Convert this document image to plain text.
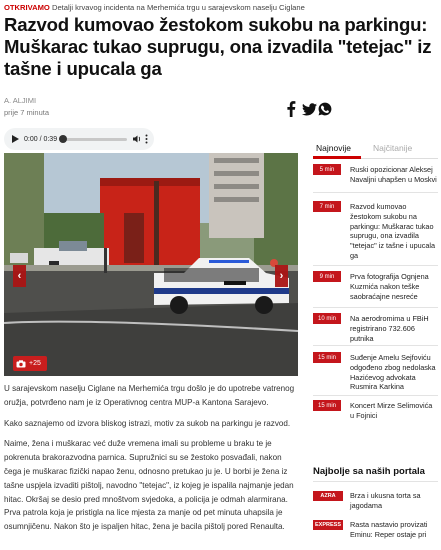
OTKRIVAMO Detalji krvavog incidenta na Merhemića trgu u sarajevskom naselju Ciglane
Razvod kumovao žestokom sukobu na parkingu: Muškarac tukao suprugu, ona izvadila "tetejac" iz tašne i upucala ga
A. ALJIMI
prije 7 minuta
0:00 / 0:39
‹	›
+25

U sarajevskom naselju Ciglane na Merhemića trgu došlo je do upotrebe vatrenog oružja, potvrđeno nam je iz Operativnog centra MUP-a Kantona Sarajevo.

Kako saznajemo od izvora bliskog istrazi, motiv za sukob na parkingu je razvod.

Naime, žena i muškarac već duže vremena imali su probleme u braku te je pokrenuta brakorazvodna parnica. Supružnici su se žestoko posvađali, nakon čega je muškarac fizički napao ženu, odnosno pretukao ju je. U borbi je žena iz tašne uspjela izvaditi pištolj, navodno "tetejac", iz kojeg je ispalila najmanje jedan hitac. Okršaj se desio pred mnoštvom svjedoka, a policija je odmah alarmirana. Prva patrola koja je pristigla na lice mjesta za manje od pet minuta uhapsila je osumnjičenu. Nakon što je ispaljen hitac, žena je bacila pištolj pored Renaulta.

Najnovije	Najčitanije
5 min	Ruski opozicionar Aleksej Navaljni uhapšen u Moskvi
7 min	Razvod kumovao žestokom sukobu na parkingu: Muškarac tukao suprugu, ona izvadila "tetejac" iz tašne i upucala ga
9 min	Prva fotografija Ognjena Kuzmića nakon teške saobraćajne nesreće
10 min	Na aerodromima u FBiH registrirano 732.606 putnika
15 min	Suđenje Amelu Sejfoviću odgođeno zbog nedolaska Hazićevog advokata Rusmira Karkina
15 min	Koncert Mirze Selimovića u Fojnici
Najbolje sa naših portala
AZRA	Brza i ukusna torta sa jagodama
EXPRESS Rasta nastavio provizati Eminu: Reper ostaje pri
